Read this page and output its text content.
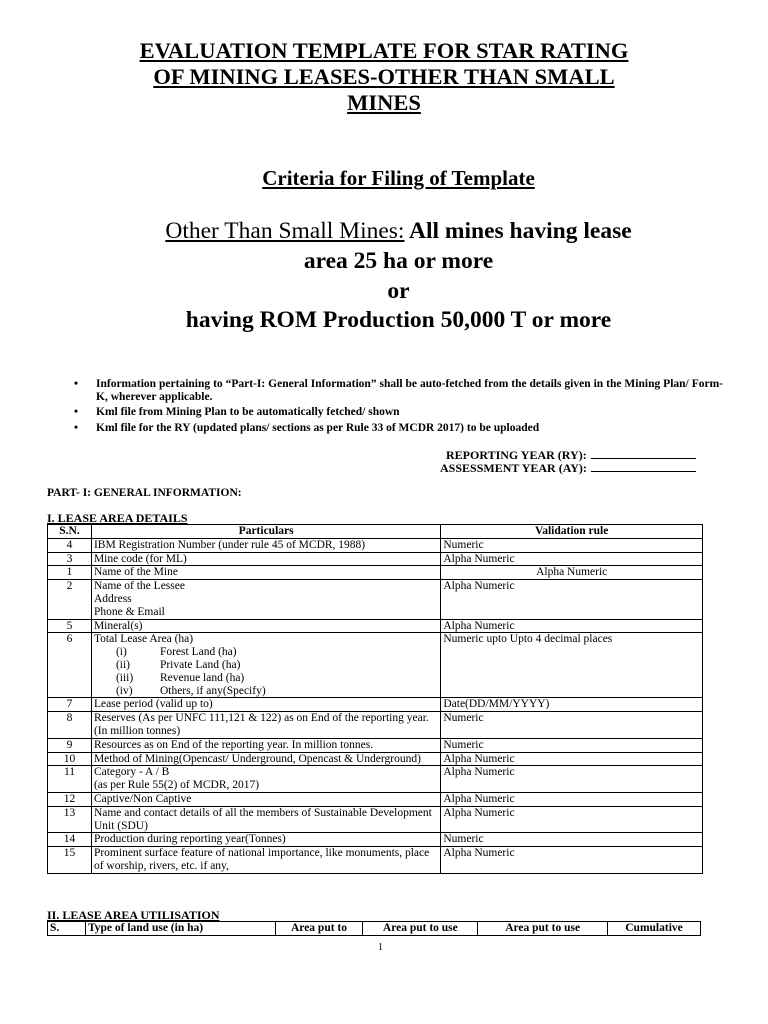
EVALUATION TEMPLATE FOR STAR RATING
OF MINING LEASES-OTHER THAN SMALL
MINES
Criteria for Filing of Template
Other Than Small Mines: All mines having lease
area 25 ha or more
or
having ROM Production 50,000 T or more
• Information pertaining to “Part-I: General Information” shall be auto-fetched from the details given in the Mining Plan/ Form-K, wherever applicable.
• Kml file from Mining Plan to be automatically fetched/ shown
• Kml file for the RY (updated plans/ sections as per Rule 33 of MCDR 2017) to be uploaded
REPORTING YEAR (RY):
ASSESSMENT YEAR (AY):
PART- I: GENERAL INFORMATION:
I. LEASE AREA DETAILS
S.N.	Particulars	Validation rule
4	IBM Registration Number (under rule 45 of MCDR, 1988)	Numeric
3	Mine code (for ML)	Alpha Numeric
1	Name of the Mine	Alpha Numeric
2	Name of the Lessee
Address
Phone & Email	Alpha Numeric
5	Mineral(s)	Alpha Numeric
6	Total Lease Area (ha)
(i) Forest Land (ha)
(ii) Private Land (ha)
(iii) Revenue land (ha)
(iv) Others, if any(Specify)	Numeric upto Upto 4 decimal places
7	Lease period (valid up to)	Date(DD/MM/YYYY)
8	Reserves (As per UNFC 111,121 & 122) as on End of the reporting year. (In million tonnes)	Numeric
9	Resources as on End of the reporting year. In million tonnes.	Numeric
10	Method of Mining(Opencast/ Underground, Opencast & Underground)	Alpha Numeric
11	Category - A / B
(as per Rule 55(2) of MCDR, 2017)	Alpha Numeric
12	Captive/Non Captive	Alpha Numeric
13	Name and contact details of all the members of Sustainable Development Unit (SDU)	Alpha Numeric
14	Production during reporting year(Tonnes)	Numeric
15	Prominent surface feature of national importance, like monuments, place of worship, rivers, etc. if any,	Alpha Numeric
II. LEASE AREA UTILISATION
S.	Type of land use (in ha)	Area put to	Area put to use	Area put to use	Cumulative
1
